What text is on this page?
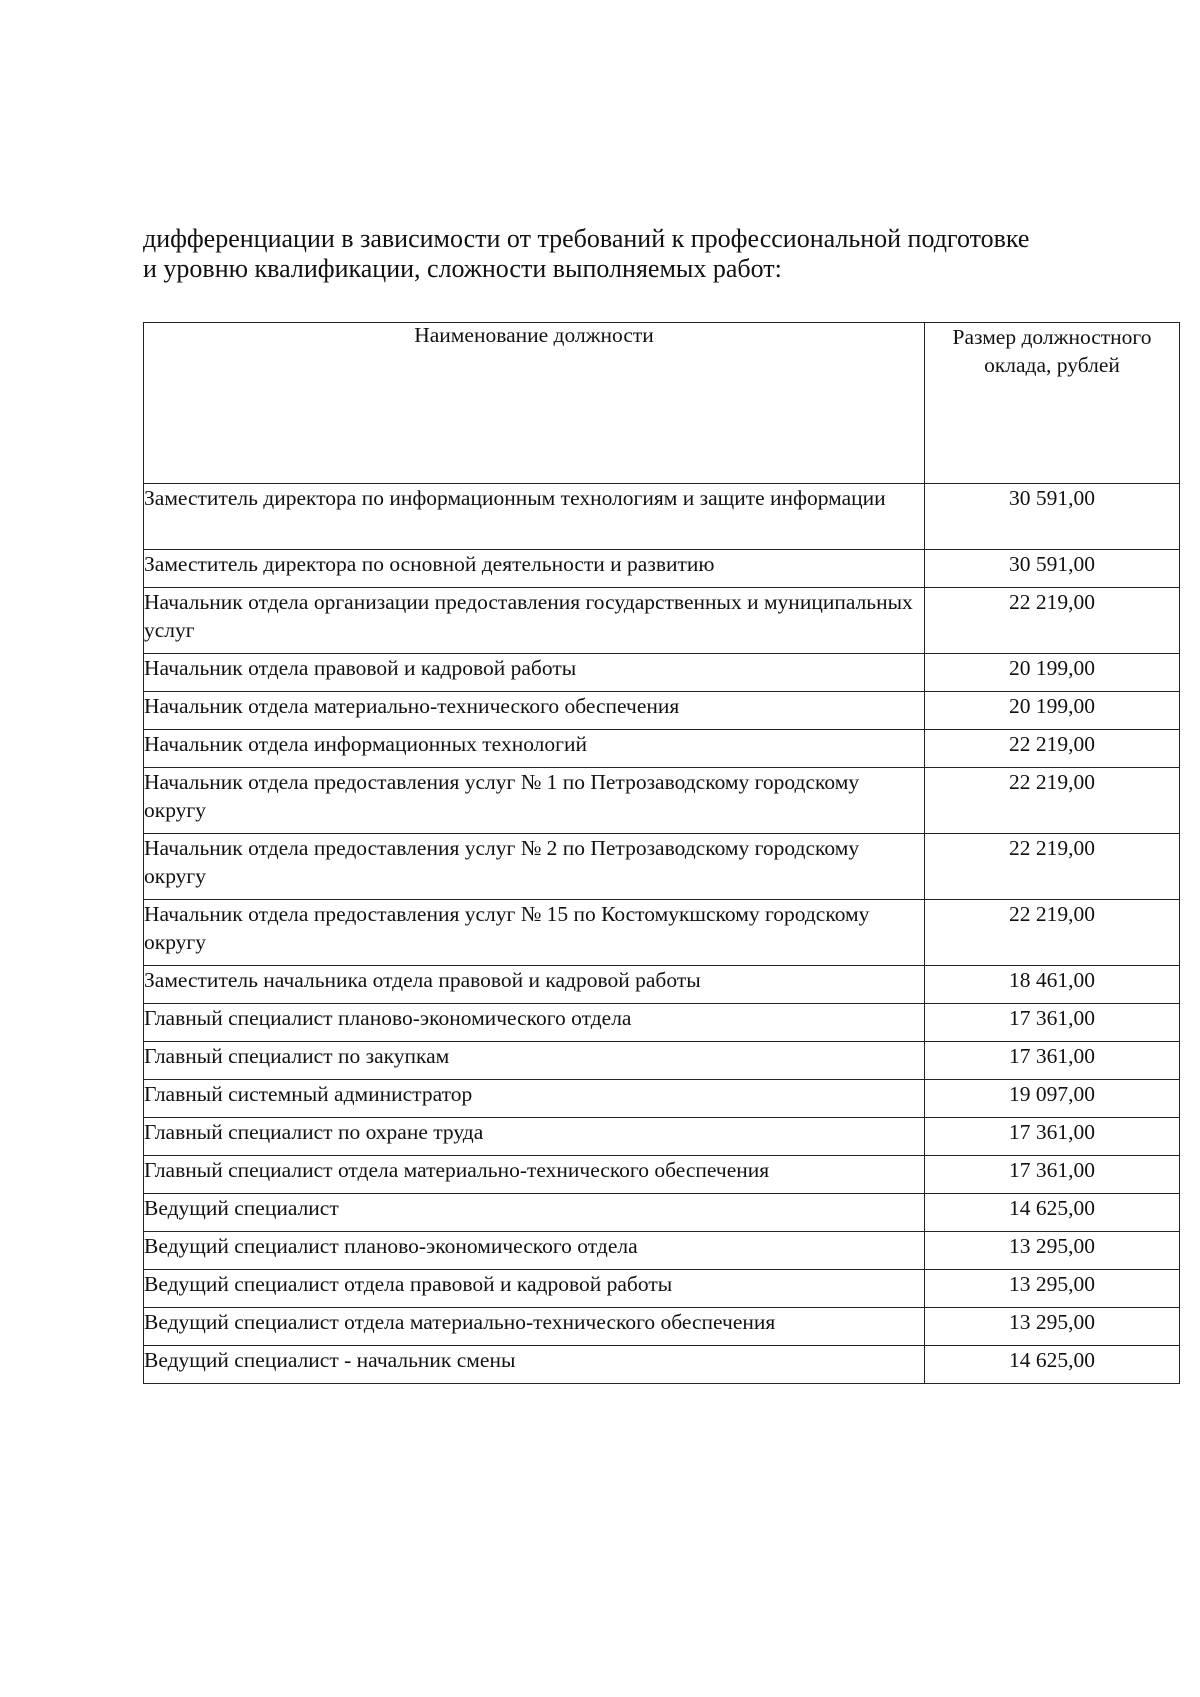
дифференциации в зависимости от требований к профессиональной подготовке
и уровню квалификации, сложности выполняемых работ:

Наименование должности	Размер должностного оклада, рублей

Заместитель директора по информационным технологиям и защите информации	30 591,00
Заместитель директора по основной деятельности и развитию	30 591,00
Начальник отдела организации предоставления государственных и муниципальных услуг	22 219,00
Начальник отдела правовой и кадровой работы	20 199,00
Начальник отдела материально-технического обеспечения	20 199,00
Начальник отдела информационных технологий	22 219,00
Начальник отдела предоставления услуг № 1 по Петрозаводскому городскому округу	22 219,00
Начальник отдела предоставления услуг № 2 по Петрозаводскому городскому округу	22 219,00
Начальник отдела предоставления услуг № 15 по Костомукшскому городскому округу	22 219,00
Заместитель начальника отдела правовой и кадровой работы	18 461,00
Главный специалист планово-экономического отдела	17 361,00
Главный специалист по закупкам	17 361,00
Главный системный администратор	19 097,00
Главный специалист по охране труда	17 361,00
Главный специалист отдела материально-технического обеспечения	17 361,00
Ведущий специалист	14 625,00
Ведущий специалист планово-экономического отдела	13 295,00
Ведущий специалист отдела правовой и кадровой работы	13 295,00
Ведущий специалист отдела материально-технического обеспечения	13 295,00
Ведущий специалист - начальник смены	14 625,00
